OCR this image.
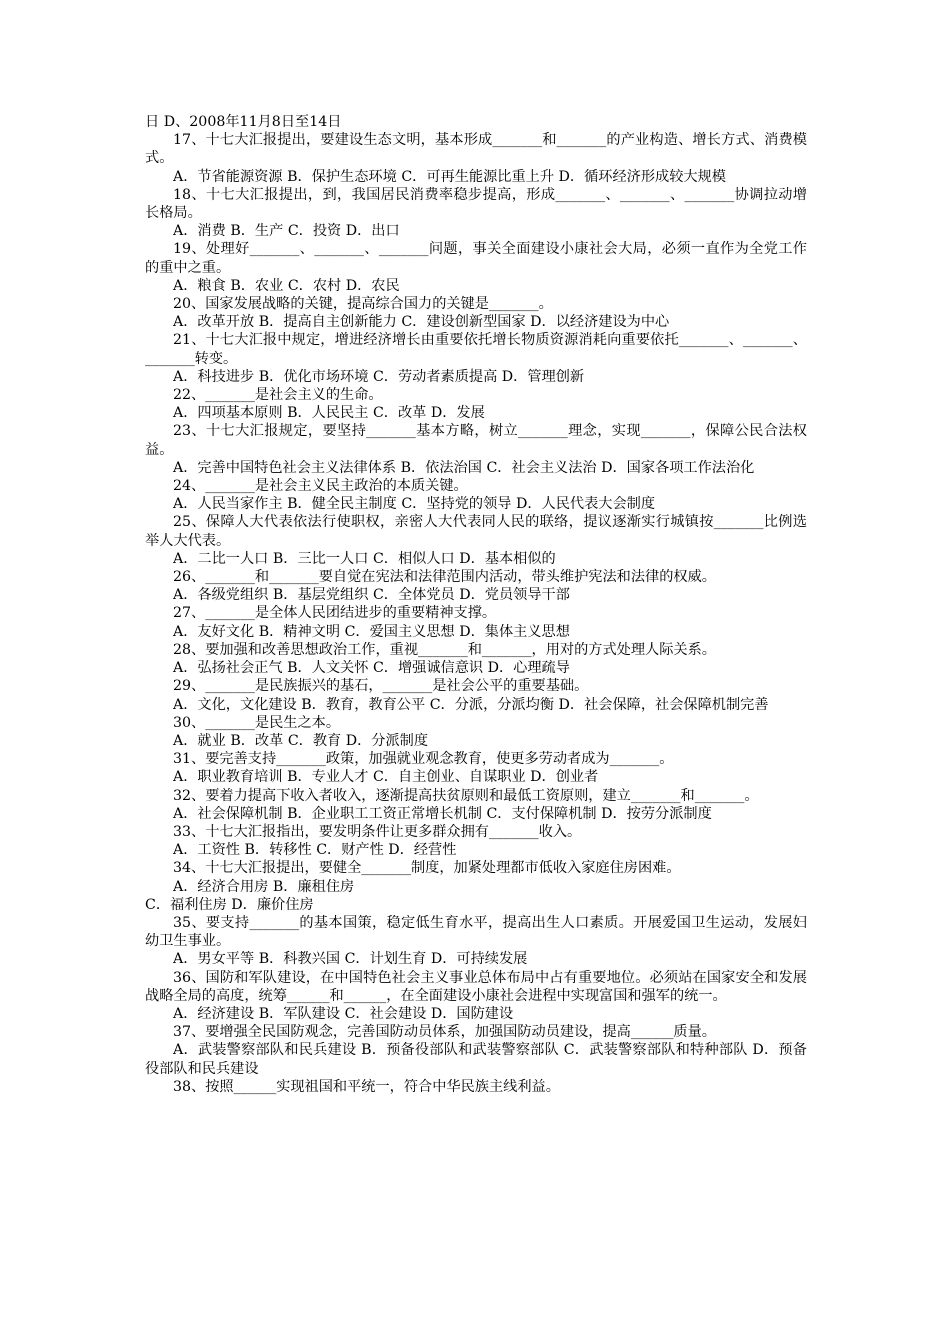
日 D、2008年11月8日至14日

17、十七大汇报提出，要建设生态文明，基本形成_______和_______的产业构造、增长方式、消费模式。

A．节省能源资源 B．保护生态环境 C．可再生能源比重上升 D．循环经济形成较大规模

18、十七大汇报提出，到，我国居民消费率稳步提高，形成_______、_______、_______协调拉动增长格局。

A．消费 B．生产 C．投资 D．出口

19、处理好_______、_______、_______问题，事关全面建设小康社会大局，必须一直作为全党工作的重中之重。

A．粮食 B．农业 C．农村 D．农民

20、国家发展战略的关键，提高综合国力的关键是_______。

A．改革开放 B．提高自主创新能力 C．建设创新型国家 D．以经济建设为中心

21、十七大汇报中规定，增进经济增长由重要依托增长物质资源消耗向重要依托_______、_______、_______转变。

A．科技进步 B．优化市场环境 C．劳动者素质提高 D．管理创新

22、_______是社会主义的生命。

A．四项基本原则 B．人民民主 C．改革 D．发展

23、十七大汇报规定，要坚持_______基本方略，树立_______理念，实现_______，保障公民合法权益。

A．完善中国特色社会主义法律体系 B．依法治国 C．社会主义法治 D．国家各项工作法治化

24、_______是社会主义民主政治的本质关键。

A．人民当家作主 B．健全民主制度 C．坚持党的领导 D．人民代表大会制度

25、保障人大代表依法行使职权，亲密人大代表同人民的联络，提议逐渐实行城镇按_______比例选举人大代表。

A．二比一人口 B．三比一人口 C．相似人口 D．基本相似的

26、_______和_______要自觉在宪法和法律范围内活动，带头维护宪法和法律的权威。

A．各级党组织 B．基层党组织 C．全体党员 D．党员领导干部

27、_______是全体人民团结进步的重要精神支撑。

A．友好文化 B．精神文明 C．爱国主义思想 D．集体主义思想

28、要加强和改善思想政治工作，重视_______和_______，用对的方式处理人际关系。

A．弘扬社会正气 B．人文关怀 C．增强诚信意识 D．心理疏导

29、_______是民族振兴的基石，_______是社会公平的重要基础。

A．文化，文化建设 B．教育，教育公平 C．分派，分派均衡 D．社会保障，社会保障机制完善

30、_______是民生之本。

A．就业 B．改革 C．教育 D．分派制度

31、要完善支持_______政策，加强就业观念教育，使更多劳动者成为_______。

A．职业教育培训 B．专业人才 C．自主创业、自谋职业 D．创业者

32、要着力提高下收入者收入，逐渐提高扶贫原则和最低工资原则，建立_______和_______。

A．社会保障机制 B．企业职工工资正常增长机制 C．支付保障机制 D．按劳分派制度

33、十七大汇报指出，要发明条件让更多群众拥有_______收入。

A．工资性 B．转移性 C．财产性 D．经营性

34、十七大汇报提出，要健全_______制度，加紧处理都市低收入家庭住房困难。

A．经济合用房 B．廉租住房

C．福利住房 D．廉价住房

35、要支持_______的基本国策，稳定低生育水平，提高出生人口素质。开展爱国卫生运动，发展妇幼卫生事业。

A．男女平等 B．科教兴国 C．计划生育 D．可持续发展

36、国防和军队建设，在中国特色社会主义事业总体布局中占有重要地位。必须站在国家安全和发展战略全局的高度，统筹______和______，在全面建设小康社会进程中实现富国和强军的统一。

A．经济建设 B．军队建设 C．社会建设 D．国防建设

37、要增强全民国防观念，完善国防动员体系，加强国防动员建设，提高______质量。

A．武装警察部队和民兵建设 B．预备役部队和武装警察部队 C．武装警察部队和特种部队 D．预备役部队和民兵建设

38、按照______实现祖国和平统一，符合中华民族主线利益。
